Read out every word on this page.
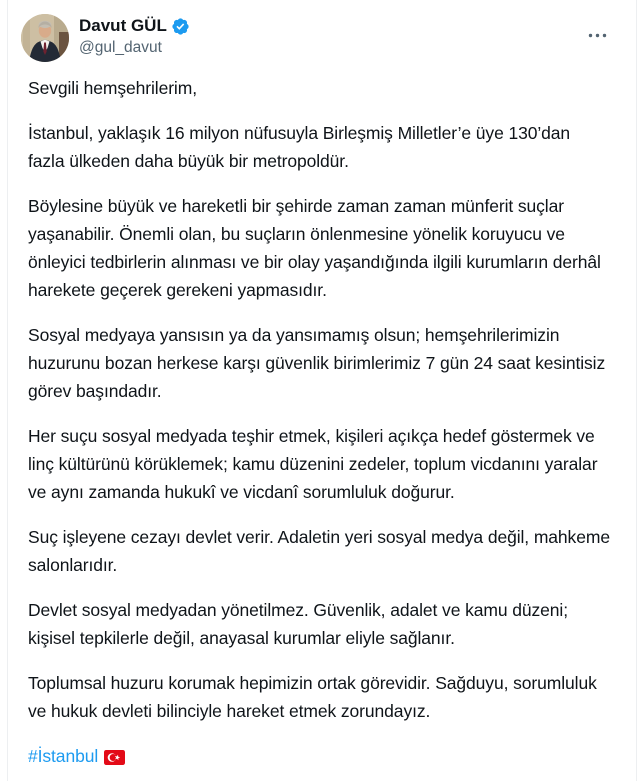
Davut GÜL
@gul_davut

Sevgili hemşehrilerim,

İstanbul, yaklaşık 16 milyon nüfusuyla Birleşmiş Milletler’e üye 130’dan fazla ülkeden daha büyük bir metropoldür.

Böylesine büyük ve hareketli bir şehirde zaman zaman münferit suçlar yaşanabilir. Önemli olan, bu suçların önlenmesine yönelik koruyucu ve önleyici tedbirlerin alınması ve bir olay yaşandığında ilgili kurumların derhâl harekete geçerek gerekeni yapmasıdır.

Sosyal medyaya yansısın ya da yansımamış olsun; hemşehrilerimizin huzurunu bozan herkese karşı güvenlik birimlerimiz 7 gün 24 saat kesintisiz görev başındadır.

Her suçu sosyal medyada teşhir etmek, kişileri açıkça hedef göstermek ve linç kültürünü körüklemek; kamu düzenini zedeler, toplum vicdanını yaralar ve aynı zamanda hukukî ve vicdanî sorumluluk doğurur.

Suç işleyene cezayı devlet verir. Adaletin yeri sosyal medya değil, mahkeme salonlarıdır.

Devlet sosyal medyadan yönetilmez. Güvenlik, adalet ve kamu düzeni; kişisel tepkilerle değil, anayasal kurumlar eliyle sağlanır.

Toplumsal huzuru korumak hepimizin ortak görevidir. Sağduyu, sorumluluk ve hukuk devleti bilinciyle hareket etmek zorundayız.

#İstanbul
